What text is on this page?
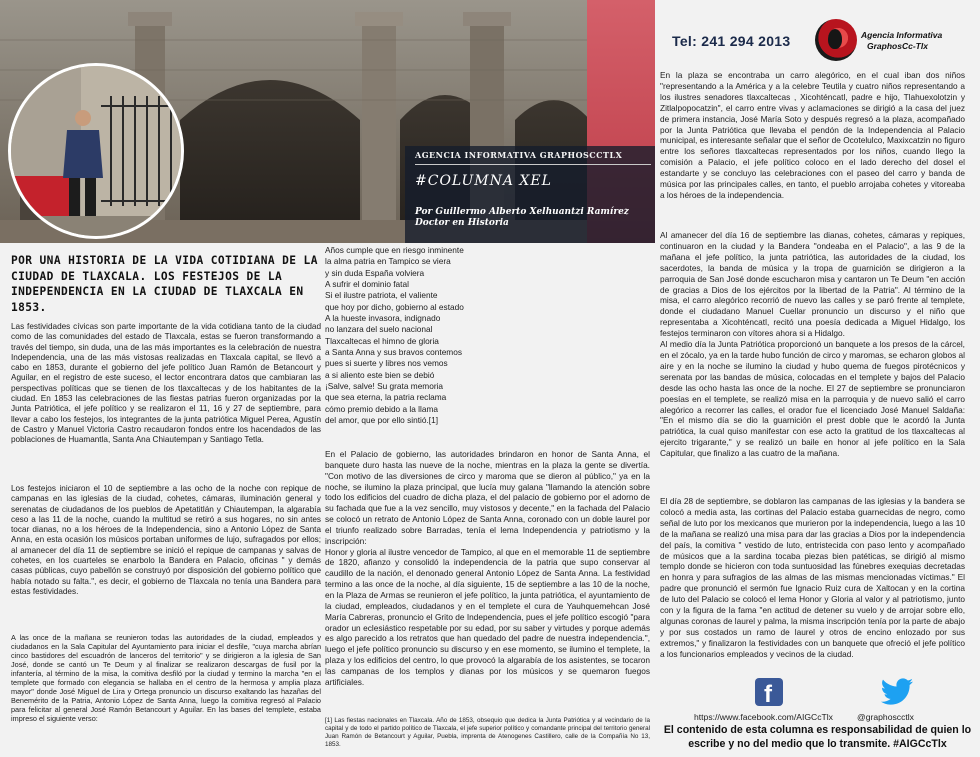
AGENCIA INFORMATIVA GRAPHOSCCTLX
#COLUMNA XEL
Por Guillermo Alberto Xelhuantzi Ramírez
Doctor en Historia
POR UNA HISTORIA DE LA VIDA COTIDIANA DE LA CIUDAD DE TLAXCALA. LOS FESTEJOS DE LA INDEPENDENCIA EN LA CIUDAD DE TLAXCALA EN 1853.
Las festividades cívicas son parte importante de la vida cotidiana tanto de la ciudad como de las comunidades del estado de Tlaxcala, estas se fueron transformando a través del tiempo, sin duda, una de las más importantes es la celebración de nuestra Independencia, una de las más vistosas realizadas en Tlaxcala capital, se llevó a cabo en 1853, durante el gobierno del jefe político Juan Ramón de Betancourt y Aguilar, en el registro de este suceso, el lector encontrara datos que cambiaran las perspectivas políticas que se tienen de los tlaxcaltecas y de los habitantes de la ciudad. En 1853 las celebraciones de las fiestas patrias fueron organizadas por la Junta Patriótica, el jefe político y se realizaron el 11, 16 y 27 de septiembre, para llevar a cabo los festejos, los integrantes de la junta patriótica Miguel Perea, Agustín de Castro y Manuel Victoria Castro recaudaron fondos entre los hacendados de las poblaciones de Huamantla, Santa Ana Chiautempan y Santiago Tetla.
Los festejos iniciaron el 10 de septiembre a las ocho de la noche con repique de campanas en las iglesias de la ciudad, cohetes, cámaras, iluminación general y serenatas de ciudadanos de los pueblos de Apetatitlán y Chiautempan, la algarabía ceso a las 11 de la noche, cuando la multitud se retiró a sus hogares, no sin antes tocar dianas, no a los héroes de la Independencia, sino a Antonio López de Santa Anna, en esta ocasión los músicos portaban uniformes de lujo, sufragados por ellos; al amanecer del día 11 de septiembre se inició el repique de campanas y salvas de cohetes, en los cuarteles se enarbolo la Bandera en Palacio, oficinas " y demás casas públicas, cuyo pabellón se construyó por disposición del gobierno político que había notado su falta.", es decir, el gobierno de Tlaxcala no tenía una Bandera para estas festividades.
A las once de la mañana se reunieron todas las autoridades de la ciudad, empleados y ciudadanos en la Sala Capitular del Ayuntamiento para iniciar el desfile, "cuya marcha abrían cinco bastidores del escuadrón de lanceros del territorio" y se dirigieron a la iglesia de San José, donde se cantó un Te Deum y al finalizar se realizaron descargas de fusil por la infantería, al término de la misa, la comitiva desfiló por la ciudad y termino la marcha "en el templete que formado con elegancia se hallaba en el centro de la hermosa y amplia plaza mayor" donde José Miguel de Lira y Ortega pronuncio un discurso exaltando las hazañas del Benemérito de la Patria, Antonio López de Santa Anna, luego la comitiva regresó al Palacio para felicitar al general José Ramón Betancourt y Aguilar. En las bases del templete, estaba impreso el siguiente verso:
Años cumple que en riesgo inminente
la alma patria en Tampico se viera
y sin duda España volviera
A sufrir el dominio fatal
Si el ilustre patriota, el valiente
que hoy por dicho, gobierno al estado
A la hueste invasora, indignado
no lanzara del suelo nacional
Tlaxcaltecas el himno de gloria
a Santa Anna y sus bravos contemos
pues si suerte y libres nos vemos
a si aliento este bien se debió
¡Salve, salve! Su grata memoria
que sea eterna, la patria reclama
cómo premio debido a la llama
del amor, que por ello sintió.[1]
En el Palacio de gobierno, las autoridades brindaron en honor de Santa Anna, el banquete duro hasta las nueve de la noche, mientras en la plaza la gente se divertía. "Con motivo de las diversiones de circo y maroma que se dieron al público," ya en la noche, se ilumino la plaza principal, que lucía muy galana "llamando la atención sobre todo los edificios del cuadro de dicha plaza, el del palacio de gobierno por el adorno de su fachada que fue a la vez sencillo, muy vistosos y decente," en la fachada del Palacio se colocó un retrato de Antonio López de Santa Anna, coronado con un doble laurel por el triunfo realizado sobre Barradas, tenía el lema Independencia y patriotismo y la inscripción:
Honor y gloria al ilustre vencedor de Tampico, al que en el memorable 11 de septiembre de 1820, afianzo y consolidó la independencia de la patria que supo conservar al caudillo de la nación, el denonado general Antonio López de Santa Anna. La festividad termino a las once de la noche, al día siguiente, 15 de septiembre a las 10 de la noche, en la Plaza de Armas se reunieron el jefe político, la junta patriótica, el ayuntamiento de la ciudad, empleados, ciudadanos y en el templete el cura de Yauhquemehcan José María Cabreras, pronuncio el Grito de Independencia, pues el jefe político escogió "para orador un eclesiástico respetable por su edad, por su saber y virtudes y porque además es algo parecido a los retratos que han quedado del padre de nuestra independencia.", luego el jefe político pronuncio su discurso y en ese momento, se ilumino el templete, la plaza y los edificios del centro, lo que provocó la algarabía de los asistentes, se tocaron las campanas de los templos y dianas por los músicos y se quemaron fuegos artificiales.
[1] Las fiestas nacionales en Tlaxcala. Año de 1853, obsequio que dedica la Junta Patriótica y al vecindario de la capital y de todo el partido político de Tlaxcala, el jefe superior político y comandante principal del territorio general Juan Ramón de Betancourt y Aguilar, Puebla, imprenta de Atenogenes Castillero, calle de la Compañía No 13, 1853.
Tel: 241 294 2013	Agencia Informativa
GraphosCc-Tlx
En la plaza se encontraba un carro alegórico, en el cual iban dos niños "representando a la América y a la celebre Teutila y cuatro niños representando a los ilustres senadores tlaxcaltecas , Xicohténcatl, padre e hijo, Tlahuexolotzin y Zitlalpopocatzin", el carro entre vivas y aclamaciones se dirigió a la casa del juez de primera instancia, José María Soto y después regresó a la plaza, acompañado por la Junta Patriótica que llevaba el pendón de la Independencia al Palacio municipal, es interesante señalar que el señor de Ocotelulco, Maxixcatzin no figuro entre los señores tlaxcaltecas representados por los niños, cuando llego la comisión a Palacio, el jefe político coloco en el lado derecho del dosel el estandarte y se concluyo las celebraciones con el paseo del carro y banda de música por las principales calles, en tanto, el pueblo arrojaba cohetes y vitoreaba a los héroes de la independencia.
Al amanecer del día 16 de septiembre las dianas, cohetes, cámaras y repiques, continuaron en la ciudad y la Bandera "ondeaba en el Palacio", a las 9 de la mañana el jefe político, la junta patriótica, las autoridades de la ciudad, los sacerdotes, la banda de música y la tropa de guarnición se dirigieron a la parroquia de San José donde escucharon misa y cantaron un Te Deum "en acción de gracias a Dios de los ejércitos por la libertad de la Patria". Al término de la misa, el carro alegórico recorrió de nuevo las calles y se paró frente al templete, donde el ciudadano Manuel Cuellar pronuncio un discurso y el niño que representaba a Xicohténcatl, recitó una poesía dedicada a Miguel Hidalgo, los festejos terminaron con vítores ahora si a Hidalgo.
Al medio día la Junta Patriótica proporcionó un banquete a los presos de la cárcel, en el zócalo, ya en la tarde hubo función de circo y maromas, se echaron globos al aire y en la noche se ilumino la ciudad y hubo quema de fuegos pirotécnicos y serenata por las bandas de música, colocadas en el templete y bajos del Palacio desde las ocho hasta las once de la noche. El 27 de septiembre se pronunciaron poesías en el templete, se realizó misa en la parroquia y de nuevo salió el carro alegórico a recorrer las calles, el orador fue el licenciado José Manuel Saldaña: "En el mismo día se dio la guarnición el prest doble que le acordó la Junta patriótica, la cual quiso manifestar con ese acto la gratitud de los tlaxcaltecas al ejercito trigarante," y se realizó un baile en honor al jefe político en la Sala Capitular, que finalizo a las cuatro de la mañana.
El día 28 de septiembre, se doblaron las campanas de las iglesias y la bandera se colocó a media asta, las cortinas del Palacio estaba guarnecidas de negro, como señal de luto por los mexicanos que murieron por la independencia, luego a las 10 de la mañana se realizó una misa para dar las gracias a Dios por la independencia del país, la comitiva " vestido de luto, entristecida con paso lento y acompañado de músicos que a la sardina tocaba piezas bien patéticas, se dirigió al mismo templo donde se hicieron con toda suntuosidad las fúnebres exequias decretadas en honra y para sufragios de las almas de las mismas mencionadas víctimas." El padre que pronunció el sermón fue Ignacio Ruiz cura de Xaltocan y en la cortina de luto del Palacio se colocó el lema Honor y Gloria al valor y al patriotismo, junto con y la figura de la fama "en actitud de detener su vuelo y de arrojar sobre ello, algunas coronas de laurel y palma, la misma inscripción tenía por la parte de abajo y por sus costados un ramo de laurel y otros de encino enlozado por sus extremos," y finalizaron la festividades con un banquete que ofreció el jefe político a los funcionarios empleados y vecinos de la ciudad.
f
https://www.facebook.com/AIGCcTlx	@graphoscctlx
El contenido de esta columna es responsabilidad de quien lo escribe y no del medio que lo transmite. #AIGCcTlx
